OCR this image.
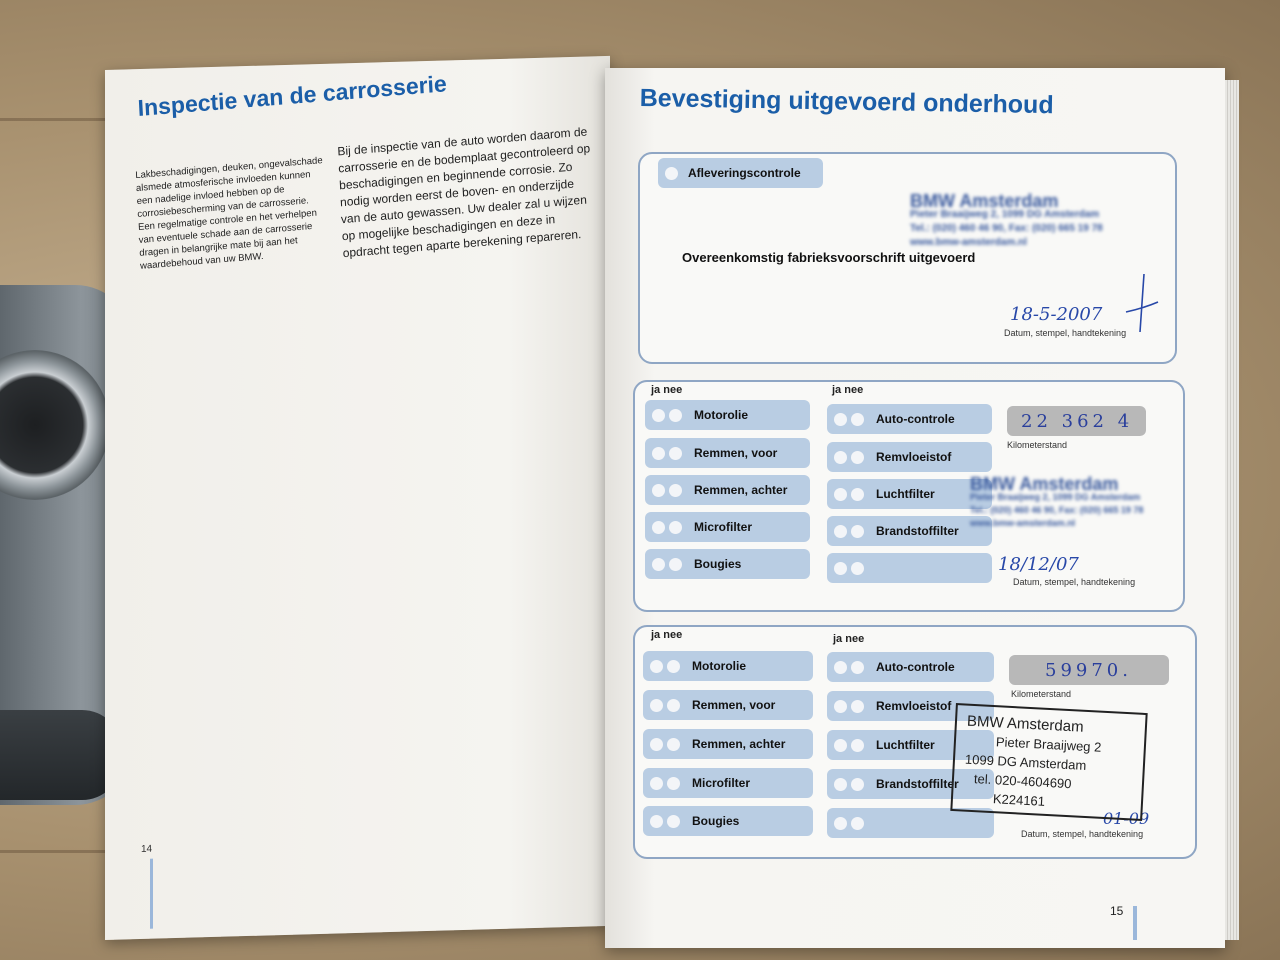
Inspectie van de carrosserie
Lakbeschadigingen, deuken, ongevalschade alsmede atmosferische invloeden kunnen een nadelige invloed hebben op de corrosiebescherming van de carrosserie. Een regelmatige controle en het verhelpen van eventuele schade aan de carrosserie dragen in belangrijke mate bij aan het waardebehoud van uw BMW.
Bij de inspectie van de auto worden daarom de carrosserie en de bodemplaat gecontroleerd op beschadigingen en beginnende corrosie. Zo nodig worden eerst de boven- en onderzijde van de auto gewassen. Uw dealer zal u wijzen op mogelijke beschadigingen en deze in opdracht tegen aparte berekening repareren.
14
Bevestiging uitgevoerd onderhoud
Afleveringscontrole
BMW Amsterdam
Pieter Braaijweg 2, 1099 DG Amsterdam
Tel.: (020) 460 46 90, Fax: (020) 665 19 78
www.bmw-amsterdam.nl
Overeenkomstig fabrieksvoorschrift uitgevoerd
18-5-2007
Datum, stempel, handtekening
ja nee	ja nee
Motorolie
Remmen, voor
Remmen, achter
Microfilter
Bougies
Auto-controle
Remvloeistof
Luchtfilter
Brandstoffilter
22 362 4
Kilometerstand
BMW Amsterdam
Pieter Braaijweg 2, 1099 DG Amsterdam
Tel.: (020) 460 46 90, Fax: (020) 665 19 78
www.bmw-amsterdam.nl
18/12/07
Datum, stempel, handtekening
ja nee	ja nee
Motorolie
Remmen, voor
Remmen, achter
Microfilter
Bougies
Auto-controle
Remvloeistof
Luchtfilter
Brandstoffilter
59970.
Kilometerstand
01-09
Datum, stempel, handtekening
BMW Amsterdam
Pieter Braaijweg 2
1099 DG Amsterdam
tel. 020-4604690
K224161
15
